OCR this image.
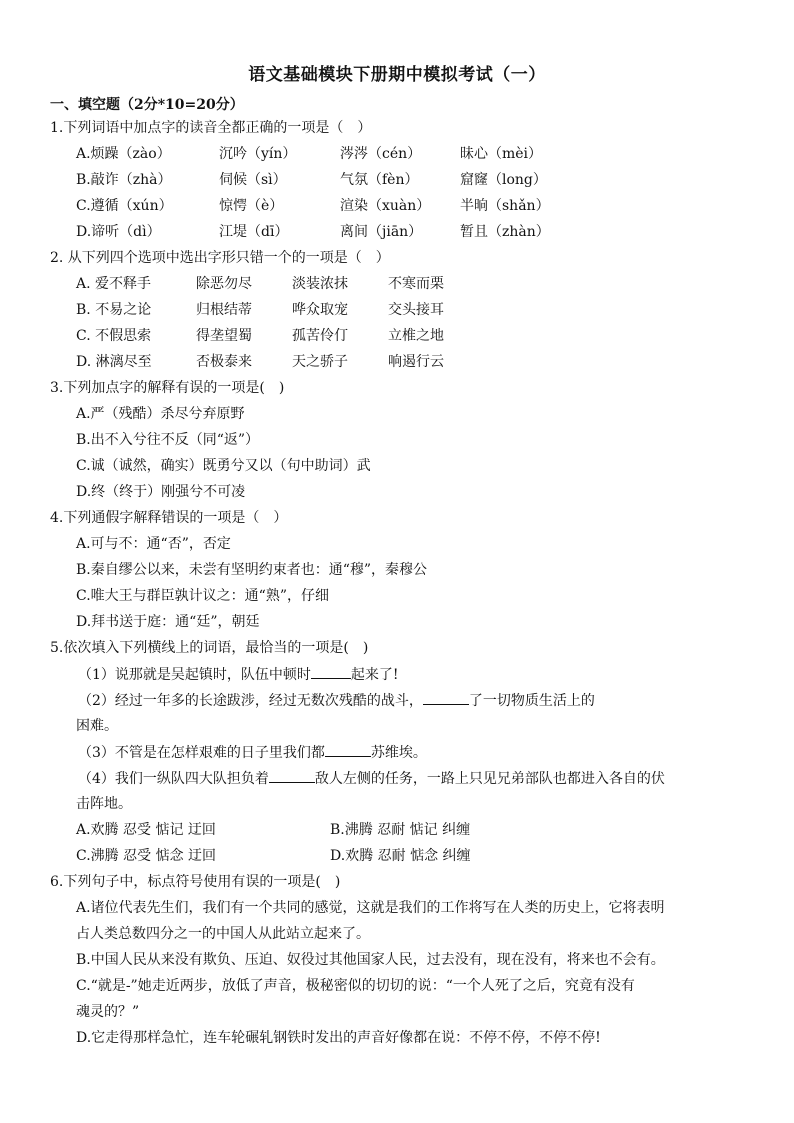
语文基础模块下册期中模拟考试（一）
一、填空题（2分*10=20分）
1.下列词语中加点字的读音全都正确的一项是（　）
A.烦躁（zào）	沉吟（yín）	涔涔（cén）	昧心（mèi）
B.敲诈（zhà）	伺候（sì）	气氛（fèn）	窟窿（long）
C.遵循（xún）	惊愕（è）	渲染（xuàn） 半晌（shǎn）
D.谛听（dì）	江堤（dī）	离间（jiān）	暂且（zhàn）
2. 从下列四个选项中选出字形只错一个的一项是（　）
A. 爱不释手	除恶勿尽	淡装浓抹	不寒而栗
B. 不易之论	归根结蒂	哗众取宠	交头接耳
C. 不假思索	得垄望蜀	孤苦伶仃	立椎之地
D. 淋漓尽至	否极泰来	天之骄子	响遏行云
3.下列加点字的解释有误的一项是(　)
A.严（残酷）杀尽兮弃原野
B.出不入兮往不反（同“返”）
C.诚（诚然，确实）既勇兮又以（句中助词）武
D.终（终于）刚强兮不可凌
4.下列通假字解释错误的一项是（　）
A.可与不：通“否”，否定
B.秦自缪公以来，未尝有坚明约束者也：通“穆”，秦穆公
C.唯大王与群臣孰计议之：通“熟”，仔细
D.拜书送于庭：通“廷”，朝廷
5.依次填入下列横线上的词语，最恰当的一项是(　)
（1）说那就是吴起镇时，队伍中顿时	起来了!
（2）经过一年多的长途跋涉，经过无数次残酷的战斗，	了一切物质生活上的
困难。
（3）不管是在怎样艰难的日子里我们都	苏维埃。
（4）我们一纵队四大队担负着	敌人左侧的任务，一路上只见兄弟部队也都进入各自的伏
击阵地。
A.欢腾 忍受 惦记 迂回	B.沸腾 忍耐 惦记 纠缠
C.沸腾 忍受 惦念 迂回	D.欢腾 忍耐 惦念 纠缠
6.下列句子中，标点符号使用有误的一项是(　)
A.诸位代表先生们，我们有一个共同的感觉，这就是我们的工作将写在人类的历史上，它将表明
占人类总数四分之一的中国人从此站立起来了。
B.中国人民从来没有欺负、压迫、奴役过其他国家人民，过去没有，现在没有，将来也不会有。
C.“就是-”她走近两步，放低了声音，极秘密似的切切的说：“一个人死了之后，究竟有没有
魂灵的？”
D.它走得那样急忙，连车轮碾轧钢铁时发出的声音好像都在说：不停不停，不停不停!
